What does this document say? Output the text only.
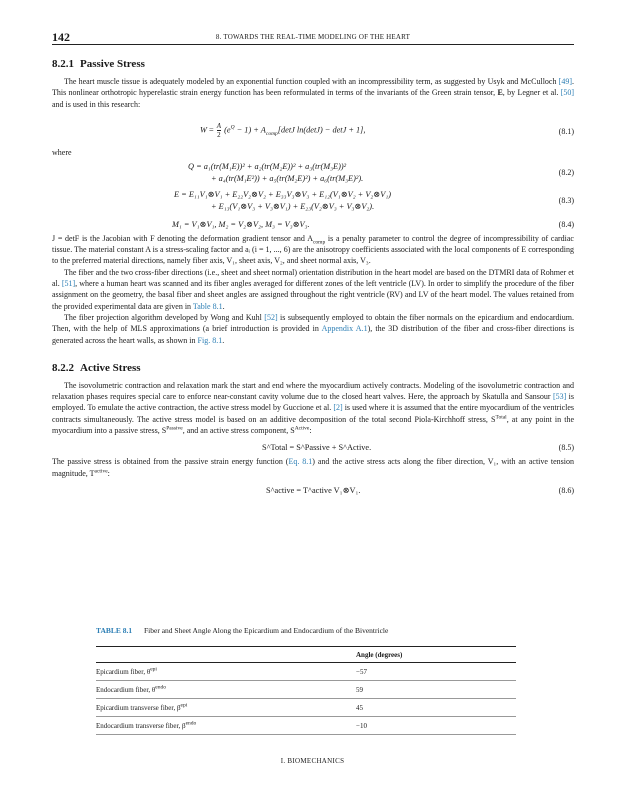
142	8. TOWARDS THE REAL-TIME MODELING OF THE HEART
8.2.1 Passive Stress

The heart muscle tissue is adequately modeled by an exponential function coupled with an incompressibility term, as suggested by Usyk and McCulloch [49]. This nonlinear orthotropic hyperelastic strain energy function has been reformulated in terms of the invariants of the Green strain tensor, E, by Legner et al. [50] and is used in this research:

$W = \frac{A}{2} (e^Q - 1) + A_{comp}[\det J$ ln(detJ) − detJ + 1],	(8.1)
where
Q = a₁(tr(M₁E))² + a₂(tr(M₂E))² + a₃(tr(M₃E))²
+ a₄(tr(M₁E²)) + a₅(tr(M₂E)²) + a₆(tr(M₃E)²).
(8.2)
E = E₁₁V₁⊗V₁ + E₂₂V₂⊗V₂ + E₃₃V₃⊗V₃ + E₁₂(V₁⊗V₂ + V₂⊗V₁)
+ E₁₃(V₁⊗V₃ + V₃⊗V₁) + E₂₃(V₂⊗V₃ + V₃⊗V₂).
(8.3)
M₁ = V₁⊗V₁, M₂ = V₂⊗V₂, M₃ = V₃⊗V₃.	(8.4)

J = detF is the Jacobian with F denoting the deformation gradient tensor and $A_{comp}$ is a penalty parameter to control the degree of incompressibility of cardiac tissue. The material constant A is a stress-scaling factor and aᵢ (i = 1, ..., 6) are the anisotropy coefficients associated with the local components of E corresponding to the preferred material directions, namely fiber axis, V₁, sheet axis, V₂, and sheet normal axis, V₃.

The fiber and the two cross-fiber directions (i.e., sheet and sheet normal) orientation distribution in the heart model are based on the DTMRI data of Rohmer et al. [51], where a human heart was scanned and its fiber angles averaged for different zones of the left ventricle (LV). In order to simplify the procedure of the fiber assignment on the geometry, the basal fiber and sheet angles are assigned throughout the right ventricle (RV) and LV of the heart model. The values retained from the provided experimental data are given in Table 8.1.

The fiber projection algorithm developed by Wong and Kuhl [52] is subsequently employed to obtain the fiber normals on the epicardium and endocardium. Then, with the help of MLS approximations (a brief introduction is provided in Appendix A.1), the 3D distribution of the fiber and cross-fiber directions is generated across the heart walls, as shown in Fig. 8.1.

8.2.2 Active Stress

The isovolumetric contraction and relaxation mark the start and end where the myocardium actively contracts. Modeling of the isovolumetric contraction and relaxation phases requires special care to enforce near-constant cavity volume due to the closed heart valves. Here, the approach by Skatulla and Sansour [53] is employed. To emulate the active contraction, the active stress model by Guccione et al. [2] is used where it is assumed that the entire myocardium of the ventricles contracts simultaneously. The active stress model is based on an additive decomposition of the total second Piola-Kirchhoff stress, $S^{Total}$, at any point in the myocardium into a passive stress, $S^{Passive}$, and an active stress component, $S^{Active}$:

S^Total = S^Passive + S^Active.	(8.5)

The passive stress is obtained from the passive strain energy function (Eq. 8.1) and the active stress acts along the fiber direction, V₁, with an active tension magnitude, $T^{active}$:

S^active = T^active V₁⊗V₁.	(8.6)
TABLE 8.1	Fiber and Sheet Angle Along the Epicardium and Endocardium of the Biventricle
	Angle (degrees)
Epicardium fiber, $\theta^{epi}$	−57
Endocardium fiber, $\theta^{endo}$	59
Epicardium transverse fiber, $\beta^{epi}$	45
Endocardium transverse fiber, $\beta^{endo}$	−10
I. BIOMECHANICS
